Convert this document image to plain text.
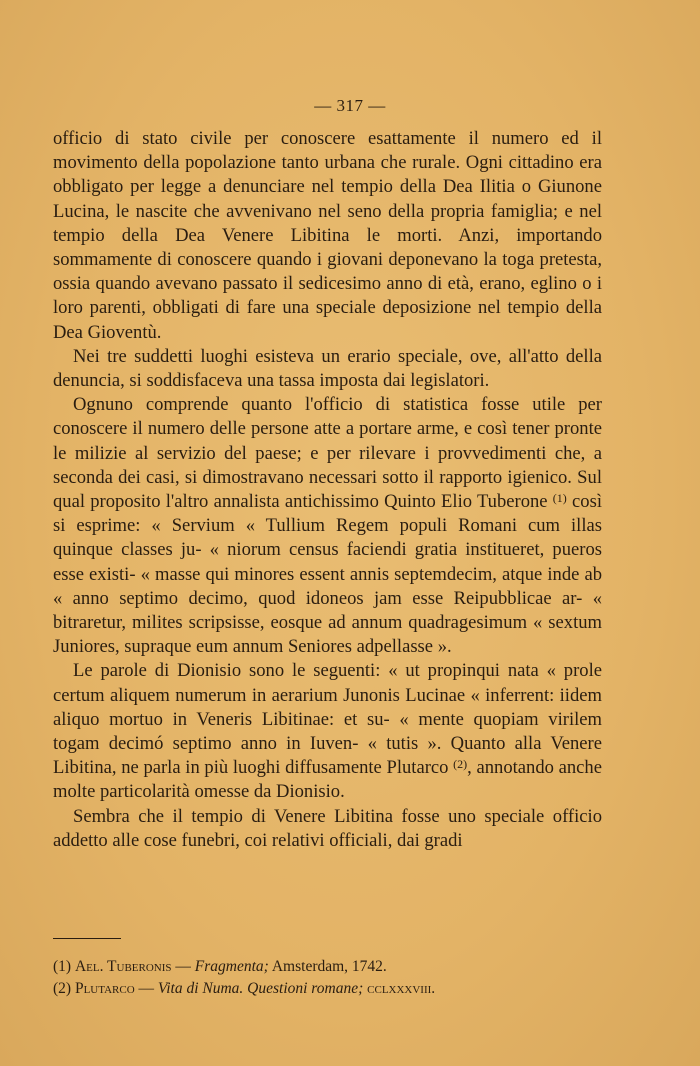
— 317 —

officio di stato civile per conoscere esattamente il numero ed il movimento della popolazione tanto urbana che rurale. Ogni cittadino era obbligato per legge a denunciare nel tempio della Dea Ilitia o Giunone Lucina, le nascite che avvenivano nel seno della propria famiglia; e nel tempio della Dea Venere Libitina le morti. Anzi, importando sommamente di conoscere quando i giovani deponevano la toga pretesta, ossia quando avevano passato il sedicesimo anno di età, erano, eglino o i loro parenti, obbligati di fare una speciale deposizione nel tempio della Dea Gioventù.

Nei tre suddetti luoghi esisteva un erario speciale, ove, all'atto della denuncia, si soddisfaceva una tassa imposta dai legislatori.

Ognuno comprende quanto l'officio di statistica fosse utile per conoscere il numero delle persone atte a portare arme, e così tener pronte le milizie al servizio del paese; e per rilevare i provvedimenti che, a seconda dei casi, si dimostravano necessari sotto il rapporto igienico. Sul qual proposito l'altro annalista antichissimo Quinto Elio Tuberone $^{(1)}$ così si esprime: « Servium « Tullium Regem populi Romani cum illas quinque classes ju- « niorum census faciendi gratia institueret, pueros esse existi- « masse qui minores essent annis septemdecim, atque inde ab « anno septimo decimo, quod idoneos jam esse Reipubblicae ar- « bitraretur, milites scripsisse, eosque ad annum quadragesimum « sextum Juniores, supraque eum annum Seniores adpellasse ».

Le parole di Dionisio sono le seguenti: « ut propinqui nata « prole certum aliquem numerum in aerarium Junonis Lucinae « inferrent: iidem aliquo mortuo in Veneris Libitinae: et su- « mente quopiam virilem togam decimó septimo anno in Iuven- « tutis ». Quanto alla Venere Libitina, ne parla in più luoghi diffusamente Plutarco $^{(2)}$, annotando anche molte particolarità omesse da Dionisio.

Sembra che il tempio di Venere Libitina fosse uno speciale officio addetto alle cose funebri, coi relativi officiali, dai gradi

(1) Ael. Tuberonis — Fragmenta; Amsterdam, 1742.
(2) Plutarco — Vita di Numa. Questioni romane; cclxxxviii.
